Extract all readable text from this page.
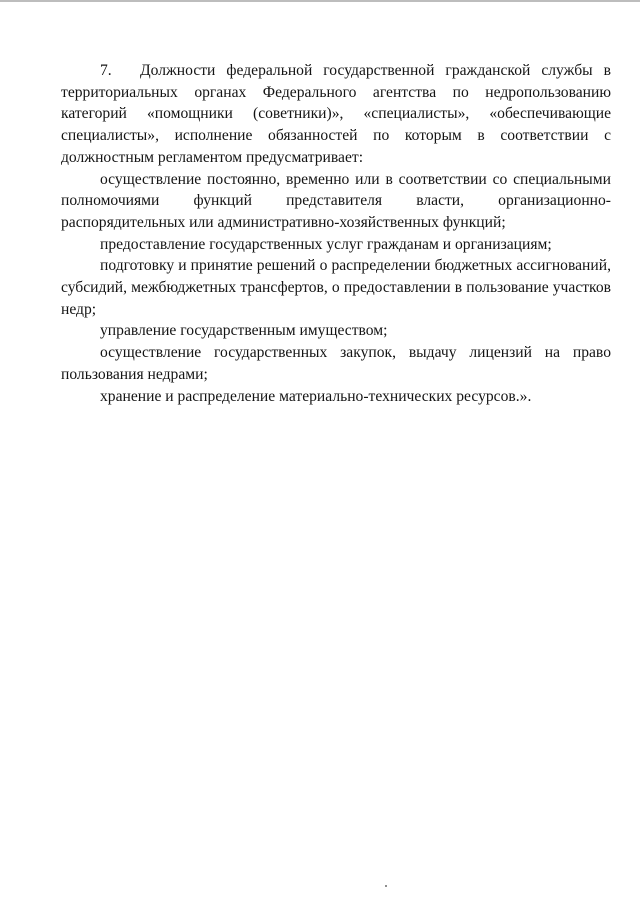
7. Должности федеральной государственной гражданской службы в территориальных органах Федерального агентства по недропользованию категорий «помощники (советники)», «специалисты», «обеспечивающие специалисты», исполнение обязанностей по которым в соответствии с должностным регламентом предусматривает:

осуществление постоянно, временно или в соответствии со специальными полномочиями функций представителя власти, организационно-распорядительных или административно-хозяйственных функций;

предоставление государственных услуг гражданам и организациям;

подготовку и принятие решений о распределении бюджетных ассигнований, субсидий, межбюджетных трансфертов, о предоставлении в пользование участков недр;

управление государственным имуществом;

осуществление государственных закупок, выдачу лицензий на право пользования недрами;

хранение и распределение материально-технических ресурсов.».
